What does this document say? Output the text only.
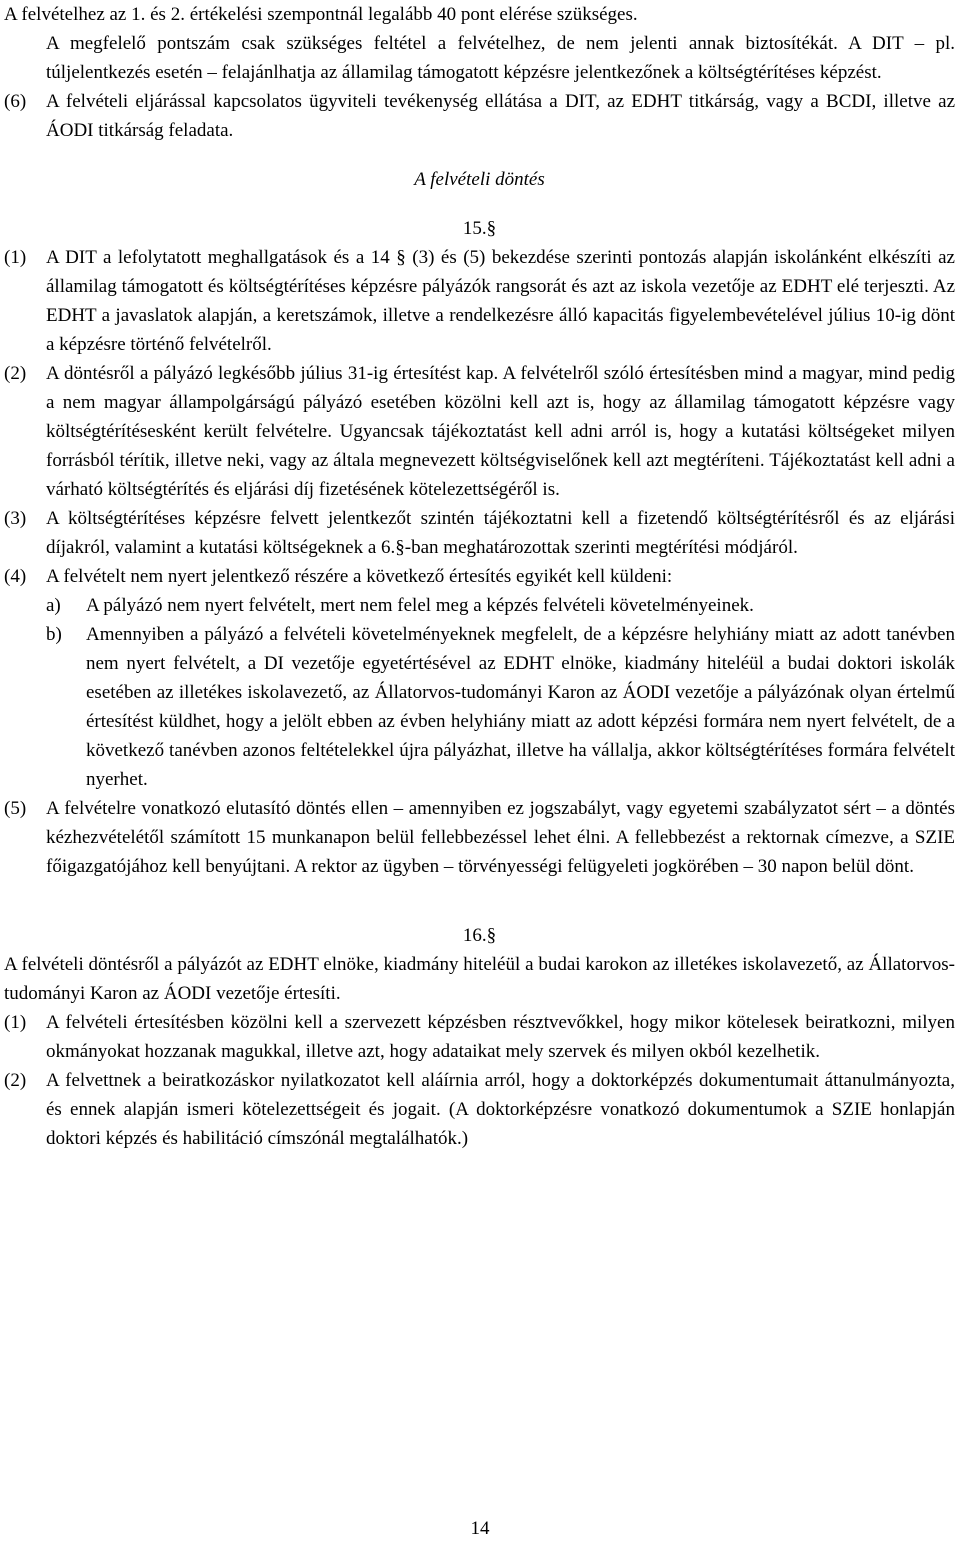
A felvételhez az 1. és 2. értékelési szempontnál legalább 40 pont elérése szükséges.

A megfelelő pontszám csak szükséges feltétel a felvételhez, de nem jelenti annak biztosítékát. A DIT – pl. túljelentkezés esetén – felajánlhatja az államilag támogatott képzésre jelentkezőnek a költségtérítéses képzést.

(6)	A felvételi eljárással kapcsolatos ügyviteli tevékenység ellátása a DIT, az EDHT titkárság, vagy a BCDI, illetve az ÁODI titkárság feladata.

A felvételi döntés

15.§

(1)	A DIT a lefolytatott meghallgatások és a 14 § (3) és (5) bekezdése szerinti pontozás alapján iskolánként elkészíti az államilag támogatott és költségtérítéses képzésre pályázók rangsorát és azt az iskola vezetője az EDHT elé terjeszti. Az EDHT a javaslatok alapján, a keretszámok, illetve a rendelkezésre álló kapacitás figyelembevételével július 10-ig dönt a képzésre történő felvételről.
(2)	A döntésről a pályázó legkésőbb július 31-ig értesítést kap. A felvételről szóló értesítésben mind a magyar, mind pedig a nem magyar állampolgárságú pályázó esetében közölni kell azt is, hogy az államilag támogatott képzésre vagy költségtérítésesként került felvételre. Ugyancsak tájékoztatást kell adni arról is, hogy a kutatási költségeket milyen forrásból térítik, illetve neki, vagy az általa megnevezett költségviselőnek kell azt megtéríteni. Tájékoztatást kell adni a várható költségtérítés és eljárási díj fizetésének kötelezettségéről is.
(3)	A költségtérítéses képzésre felvett jelentkezőt szintén tájékoztatni kell a fizetendő költségtérítésről és az eljárási díjakról, valamint a kutatási költségeknek a 6.§-ban meghatározottak szerinti megtérítési módjáról.
(4)	A felvételt nem nyert jelentkező részére a következő értesítés egyikét kell küldeni:
a)	A pályázó nem nyert felvételt, mert nem felel meg a képzés felvételi követelményeinek.
b)	Amennyiben a pályázó a felvételi követelményeknek megfelelt, de a képzésre helyhiány miatt az adott tanévben nem nyert felvételt, a DI vezetője egyetértésével az EDHT elnöke, kiadmány hiteléül a budai doktori iskolák esetében az illetékes iskolavezető, az Állatorvos-tudományi Karon az ÁODI vezetője a pályázónak olyan értelmű értesítést küldhet, hogy a jelölt ebben az évben helyhiány miatt az adott képzési formára nem nyert felvételt, de a következő tanévben azonos feltételekkel újra pályázhat, illetve ha vállalja, akkor költségtérítéses formára felvételt nyerhet.
(5)	A felvételre vonatkozó elutasító döntés ellen – amennyiben ez jogszabályt, vagy egyetemi szabályzatot sért – a döntés kézhezvételétől számított 15 munkanapon belül fellebbezéssel lehet élni. A fellebbezést a rektornak címezve, a SZIE főigazgatójához kell benyújtani. A rektor az ügyben – törvényességi felügyeleti jogkörében – 30 napon belül dönt.

16.§

A felvételi döntésről a pályázót az EDHT elnöke, kiadmány hiteléül a budai karokon az illetékes iskolavezető, az Állatorvos-tudományi Karon az ÁODI vezetője értesíti.

(1)	A felvételi értesítésben közölni kell a szervezett képzésben résztvevőkkel, hogy mikor kötelesek beiratkozni, milyen okmányokat hozzanak magukkal, illetve azt, hogy adataikat mely szervek és milyen okból kezelhetik.
(2)	A felvettnek a beiratkozáskor nyilatkozatot kell aláírnia arról, hogy a doktorképzés dokumentumait áttanulmányozta, és ennek alapján ismeri kötelezettségeit és jogait. (A doktorképzésre vonatkozó dokumentumok a SZIE honlapján doktori képzés és habilitáció címszónál megtalálhatók.)
14
